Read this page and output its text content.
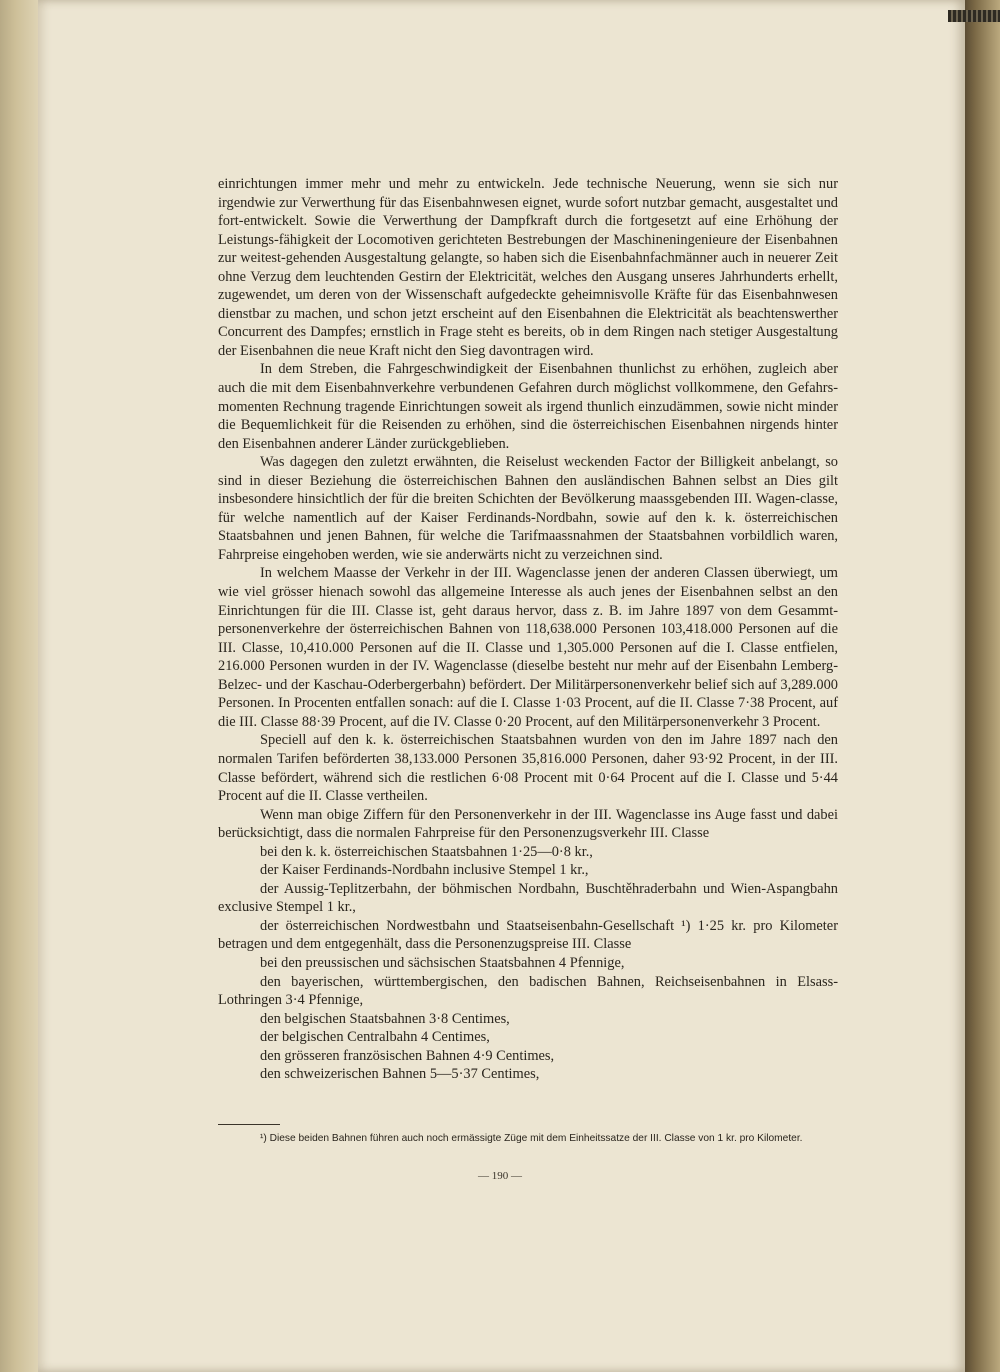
einrichtungen immer mehr und mehr zu entwickeln. Jede technische Neuerung, wenn sie sich nur irgendwie zur Verwerthung für das Eisenbahnwesen eignet, wurde sofort nutzbar gemacht, ausgestaltet und fort-entwickelt. Sowie die Verwerthung der Dampfkraft durch die fortgesetzt auf eine Erhöhung der Leistungs-fähigkeit der Locomotiven gerichteten Bestrebungen der Maschineningenieure der Eisenbahnen zur weitest-gehenden Ausgestaltung gelangte, so haben sich die Eisenbahnfachmänner auch in neuerer Zeit ohne Verzug dem leuchtenden Gestirn der Elektricität, welches den Ausgang unseres Jahrhunderts erhellt, zugewendet, um deren von der Wissenschaft aufgedeckte geheimnisvolle Kräfte für das Eisenbahnwesen dienstbar zu machen, und schon jetzt erscheint auf den Eisenbahnen die Elektricität als beachtenswerther Concurrent des Dampfes; ernstlich in Frage steht es bereits, ob in dem Ringen nach stetiger Ausgestaltung der Eisenbahnen die neue Kraft nicht den Sieg davontragen wird.

In dem Streben, die Fahrgeschwindigkeit der Eisenbahnen thunlichst zu erhöhen, zugleich aber auch die mit dem Eisenbahnverkehre verbundenen Gefahren durch möglichst vollkommene, den Gefahrs-momenten Rechnung tragende Einrichtungen soweit als irgend thunlich einzudämmen, sowie nicht minder die Bequemlichkeit für die Reisenden zu erhöhen, sind die österreichischen Eisenbahnen nirgends hinter den Eisenbahnen anderer Länder zurückgeblieben.

Was dagegen den zuletzt erwähnten, die Reiselust weckenden Factor der Billigkeit anbelangt, so sind in dieser Beziehung die österreichischen Bahnen den ausländischen Bahnen selbst an Dies gilt insbesondere hinsichtlich der für die breiten Schichten der Bevölkerung maassgebenden III. Wagen-classe, für welche namentlich auf der Kaiser Ferdinands-Nordbahn, sowie auf den k. k. österreichischen Staatsbahnen und jenen Bahnen, für welche die Tarifmaassnahmen der Staatsbahnen vorbildlich waren, Fahrpreise eingehoben werden, wie sie anderwärts nicht zu verzeichnen sind.

In welchem Maasse der Verkehr in der III. Wagenclasse jenen der anderen Classen überwiegt, um wie viel grösser hienach sowohl das allgemeine Interesse als auch jenes der Eisenbahnen selbst an den Einrichtungen für die III. Classe ist, geht daraus hervor, dass z. B. im Jahre 1897 von dem Gesammt-personenverkehre der österreichischen Bahnen von 118,638.000 Personen 103,418.000 Personen auf die III. Classe, 10,410.000 Personen auf die II. Classe und 1,305.000 Personen auf die I. Classe entfielen, 216.000 Personen wurden in der IV. Wagenclasse (dieselbe besteht nur mehr auf der Eisenbahn Lemberg-Belzec- und der Kaschau-Oderbergerbahn) befördert. Der Militärpersonenverkehr belief sich auf 3,289.000 Personen. In Procenten entfallen sonach: auf die I. Classe 1·03 Procent, auf die II. Classe 7·38 Procent, auf die III. Classe 88·39 Procent, auf die IV. Classe 0·20 Procent, auf den Militärpersonenverkehr 3 Procent.

Speciell auf den k. k. österreichischen Staatsbahnen wurden von den im Jahre 1897 nach den normalen Tarifen beförderten 38,133.000 Personen 35,816.000 Personen, daher 93·92 Procent, in der III. Classe befördert, während sich die restlichen 6·08 Procent mit 0·64 Procent auf die I. Classe und 5·44 Procent auf die II. Classe vertheilen.

Wenn man obige Ziffern für den Personenverkehr in der III. Wagenclasse ins Auge fasst und dabei berücksichtigt, dass die normalen Fahrpreise für den Personenzugsverkehr III. Classe

bei den k. k. österreichischen Staatsbahnen 1·25—0·8 kr.,

der Kaiser Ferdinands-Nordbahn inclusive Stempel 1 kr.,

der Aussig-Teplitzerbahn, der böhmischen Nordbahn, Buschtěhraderbahn und Wien-Aspangbahn exclusive Stempel 1 kr.,

der österreichischen Nordwestbahn und Staatseisenbahn-Gesellschaft ¹) 1·25 kr. pro Kilometer betragen und dem entgegenhält, dass die Personenzugspreise III. Classe

bei den preussischen und sächsischen Staatsbahnen 4 Pfennige,

den bayerischen, württembergischen, den badischen Bahnen, Reichseisenbahnen in Elsass-Lothringen 3·4 Pfennige,

den belgischen Staatsbahnen 3·8 Centimes,

der belgischen Centralbahn 4 Centimes,

den grösseren französischen Bahnen 4·9 Centimes,

den schweizerischen Bahnen 5—5·37 Centimes,

¹) Diese beiden Bahnen führen auch noch ermässigte Züge mit dem Einheitssatze der III. Classe von 1 kr. pro Kilometer.
— 190 —
